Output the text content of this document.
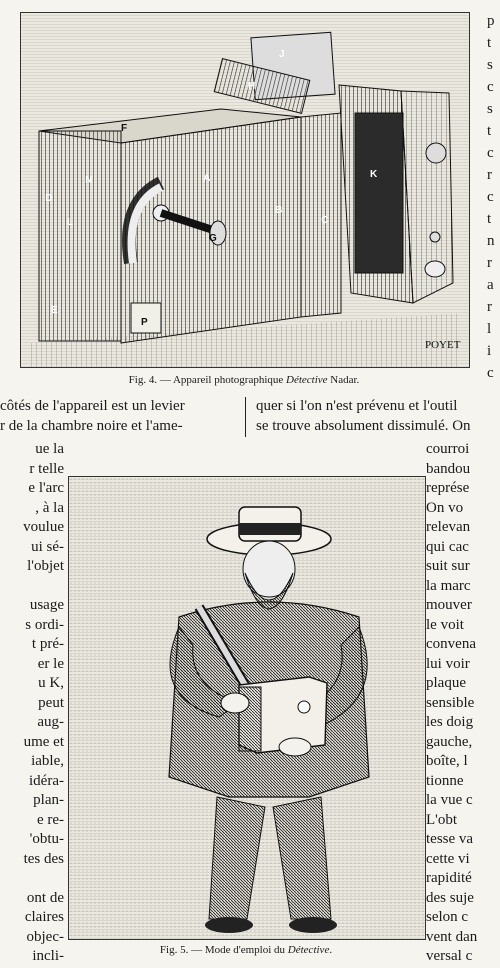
J
H
K
F
N
D
L
E
B
C
G
A
P
POYET
Fig. 4. — Appareil photographique Détective Nadar.
p
t
s
c
s
t
c
r
c
t
n
r
a
r
l
i
c
côtés de l'appareil est un levier
r de la chambre noire et l'ame-
quer si l'on n'est prévenu et l'outil
se trouve absolument dissimulé. On
ue la
r telle
e l'arc
, à la
voulue
ui sé-
l'objet
usage
s ordi-
t pré-
er le
u K,
peut
aug-
ume et
iable,
idéra-
plan-
e re-
'obtu-
tes des
ont de
claires
objec-
incli-	Fig. 5. — Mode d'emploi du Détective.
courroi
bandou
représe
On vo
relevan
qui cac
suit sur
la marc
mouver
le voit
convena
lui voir
plaque
sensible
les doig
gauche,
boîte, l
tionne
la vue c
L'obt
tesse va
cette vi
rapidité
des suje
selon c
vent dan
versal c
